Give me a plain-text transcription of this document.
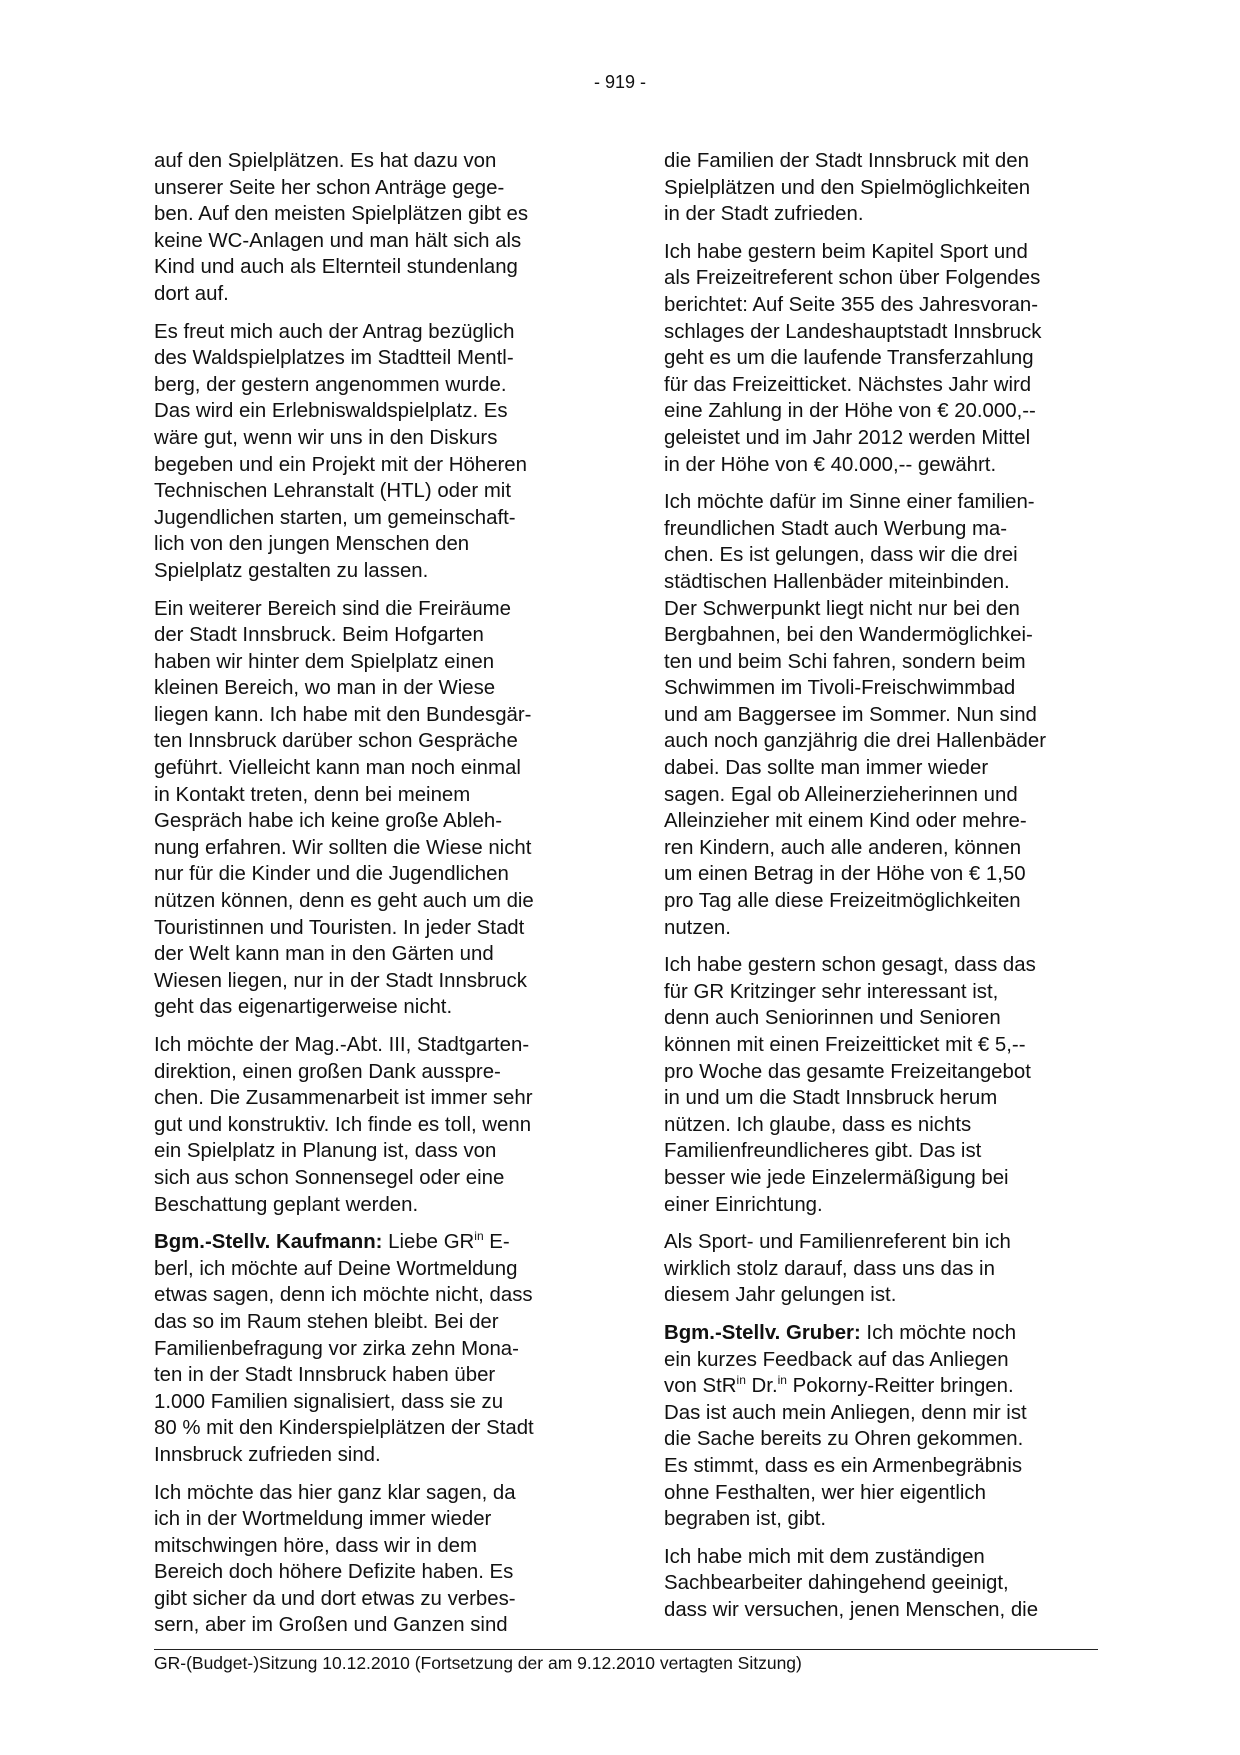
- 919 -

auf den Spielplätzen. Es hat dazu von
unserer Seite her schon Anträge gege-
ben. Auf den meisten Spielplätzen gibt es
keine WC-Anlagen und man hält sich als
Kind und auch als Elternteil stundenlang
dort auf.

Es freut mich auch der Antrag bezüglich
des Waldspielplatzes im Stadtteil Mentl-
berg, der gestern angenommen wurde.
Das wird ein Erlebniswaldspielplatz. Es
wäre gut, wenn wir uns in den Diskurs
begeben und ein Projekt mit der Höheren
Technischen Lehranstalt (HTL) oder mit
Jugendlichen starten, um gemeinschaft-
lich von den jungen Menschen den
Spielplatz gestalten zu lassen.

Ein weiterer Bereich sind die Freiräume
der Stadt Innsbruck. Beim Hofgarten
haben wir hinter dem Spielplatz einen
kleinen Bereich, wo man in der Wiese
liegen kann. Ich habe mit den Bundesgär-
ten Innsbruck darüber schon Gespräche
geführt. Vielleicht kann man noch einmal
in Kontakt treten, denn bei meinem
Gespräch habe ich keine große Ableh-
nung erfahren. Wir sollten die Wiese nicht
nur für die Kinder und die Jugendlichen
nützen können, denn es geht auch um die
Touristinnen und Touristen. In jeder Stadt
der Welt kann man in den Gärten und
Wiesen liegen, nur in der Stadt Innsbruck
geht das eigenartigerweise nicht.

Ich möchte der Mag.-Abt. III, Stadtgarten-
direktion, einen großen Dank ausspre-
chen. Die Zusammenarbeit ist immer sehr
gut und konstruktiv. Ich finde es toll, wenn
ein Spielplatz in Planung ist, dass von
sich aus schon Sonnensegel oder eine
Beschattung geplant werden.

Bgm.-Stellv. Kaufmann: Liebe $GR^{in}$ E-
berl, ich möchte auf Deine Wortmeldung
etwas sagen, denn ich möchte nicht, dass
das so im Raum stehen bleibt. Bei der
Familienbefragung vor zirka zehn Mona-
ten in der Stadt Innsbruck haben über
1.000 Familien signalisiert, dass sie zu
80 % mit den Kinderspielplätzen der Stadt
Innsbruck zufrieden sind.

Ich möchte das hier ganz klar sagen, da
ich in der Wortmeldung immer wieder
mitschwingen höre, dass wir in dem
Bereich doch höhere Defizite haben. Es
gibt sicher da und dort etwas zu verbes-
sern, aber im Großen und Ganzen sind

die Familien der Stadt Innsbruck mit den
Spielplätzen und den Spielmöglichkeiten
in der Stadt zufrieden.

Ich habe gestern beim Kapitel Sport und
als Freizeitreferent schon über Folgendes
berichtet: Auf Seite 355 des Jahresvoran-
schlages der Landeshauptstadt Innsbruck
geht es um die laufende Transferzahlung
für das Freizeitticket. Nächstes Jahr wird
eine Zahlung in der Höhe von € 20.000,--
geleistet und im Jahr 2012 werden Mittel
in der Höhe von € 40.000,-- gewährt.

Ich möchte dafür im Sinne einer familien-
freundlichen Stadt auch Werbung ma-
chen. Es ist gelungen, dass wir die drei
städtischen Hallenbäder miteinbinden.
Der Schwerpunkt liegt nicht nur bei den
Bergbahnen, bei den Wandermöglichkei-
ten und beim Schi fahren, sondern beim
Schwimmen im Tivoli-Freischwimmbad
und am Baggersee im Sommer. Nun sind
auch noch ganzjährig die drei Hallenbäder
dabei. Das sollte man immer wieder
sagen. Egal ob Alleinerzieherinnen und
Alleinzieher mit einem Kind oder mehre-
ren Kindern, auch alle anderen, können
um einen Betrag in der Höhe von € 1,50
pro Tag alle diese Freizeitmöglichkeiten
nutzen.

Ich habe gestern schon gesagt, dass das
für GR Kritzinger sehr interessant ist,
denn auch Seniorinnen und Senioren
können mit einen Freizeitticket mit € 5,--
pro Woche das gesamte Freizeitangebot
in und um die Stadt Innsbruck herum
nützen. Ich glaube, dass es nichts
Familienfreundlicheres gibt. Das ist
besser wie jede Einzelermäßigung bei
einer Einrichtung.

Als Sport- und Familienreferent bin ich
wirklich stolz darauf, dass uns das in
diesem Jahr gelungen ist.

Bgm.-Stellv. Gruber: Ich möchte noch
ein kurzes Feedback auf das Anliegen
von StR$^{in}$ Dr.$^{in}$ Pokorny-Reitter bringen.
Das ist auch mein Anliegen, denn mir ist
die Sache bereits zu Ohren gekommen.
Es stimmt, dass es ein Armenbegräbnis
ohne Festhalten, wer hier eigentlich
begraben ist, gibt.

Ich habe mich mit dem zuständigen
Sachbearbeiter dahingehend geeinigt,
dass wir versuchen, jenen Menschen, die

GR-(Budget-)Sitzung 10.12.2010 (Fortsetzung der am 9.12.2010 vertagten Sitzung)
